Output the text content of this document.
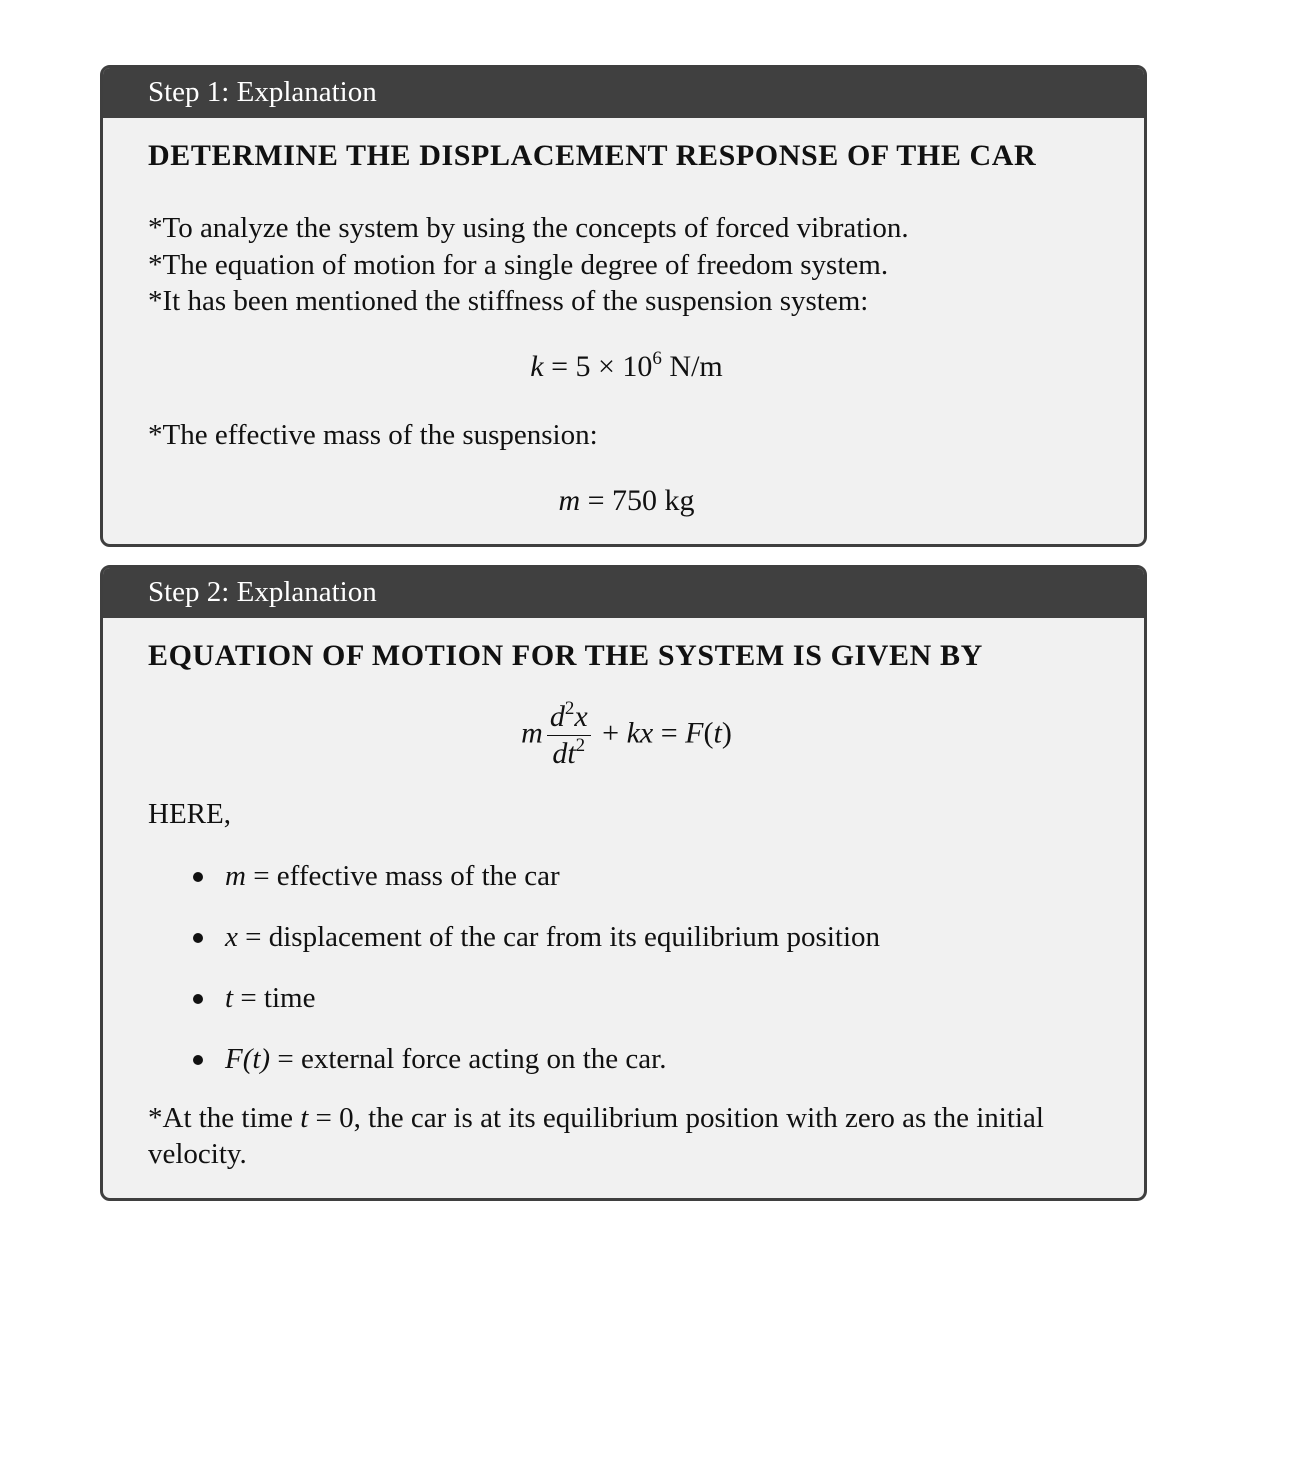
Step 1: Explanation
DETERMINE THE DISPLACEMENT RESPONSE OF THE CAR
*To analyze the system by using the concepts of forced vibration.
*The equation of motion for a single degree of freedom system.
*It has been mentioned the stiffness of the suspension system:
$k = 5 \times 10^6$ N/m
*The effective mass of the suspension:
m = 750 kg
Step 2: Explanation
EQUATION OF MOTION FOR THE SYSTEM IS GIVEN BY
m $\frac{d^2x}{dt^2}$ + kx = F(t)
HERE,
m = effective mass of the car
x = displacement of the car from its equilibrium position
t = time
F(t) = external force acting on the car.
*At the time t = 0, the car is at its equilibrium position with zero as the initial velocity.
